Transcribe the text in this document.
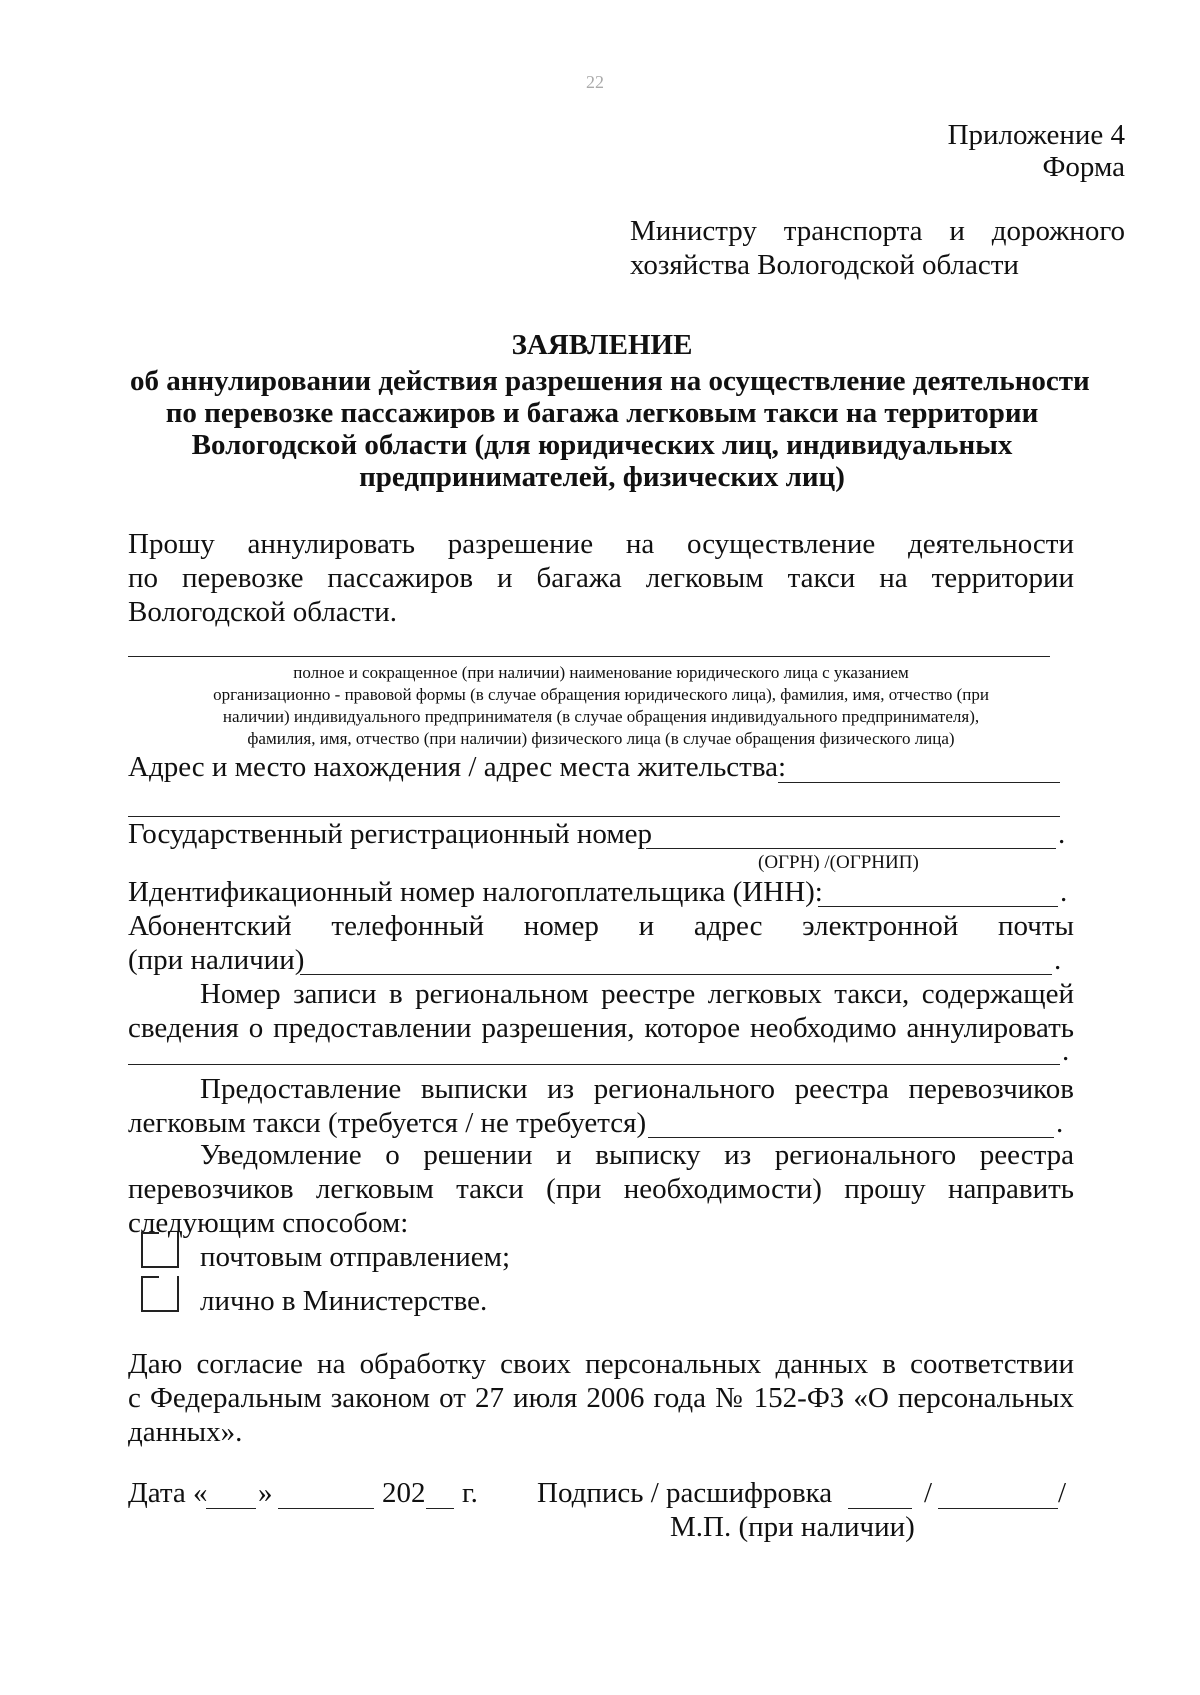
22
Приложение 4
Форма
Министру транспорта и дорожного
хозяйства Вологодской области
ЗАЯВЛЕНИЕ
об аннулировании действия разрешения на осуществление деятельности
по перевозке пассажиров и багажа легковым такси на территории
Вологодской области (для юридических лиц, индивидуальных
предпринимателей, физических лиц)
Прошу аннулировать разрешение на осуществление деятельности
по перевозке пассажиров и багажа легковым такси на территории
Вологодской области.
полное и сокращенное (при наличии) наименование юридического лица с указанием
организационно - правовой формы (в случае обращения юридического лица), фамилия, имя, отчество (при
наличии) индивидуального предпринимателя (в случае обращения индивидуального предпринимателя),
фамилия, имя, отчество (при наличии) физического лица (в случае обращения физического лица)
Адрес и место нахождения / адрес места жительства:
Государственный регистрационный номер	.
(ОГРН) /(ОГРНИП)
Идентификационный номер налогоплательщика (ИНН):	.
Абонентский телефонный номер и адрес электронной почты
(при наличии)	.
Номер записи в региональном реестре легковых такси, содержащей
сведения о предоставлении разрешения, которое необходимо аннулировать
.
Предоставление выписки из регионального реестра перевозчиков
легковым такси (требуется / не требуется)	.
Уведомление о решении и выписку из регионального реестра
перевозчиков легковым такси (при необходимости) прошу направить
следующим способом:
почтовым отправлением;
лично в Министерстве.
Даю согласие на обработку своих персональных данных в соответствии
с Федеральным законом от 27 июля 2006 года № 152-ФЗ «О персональных
данных».
Дата « »	202 г. Подпись / расшифровка	/	/
М.П. (при наличии)
